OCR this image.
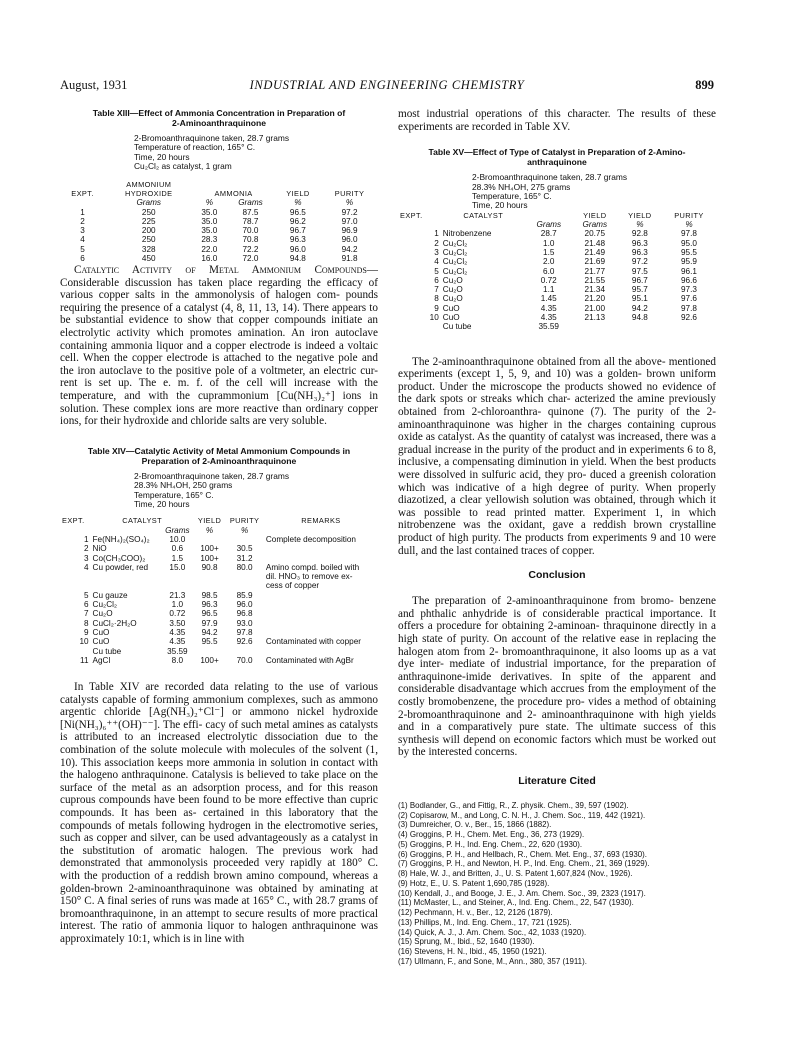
August, 1931	INDUSTRIAL AND ENGINEERING CHEMISTRY	899
Table XIII—Effect of Ammonia Concentration in Preparation of
2-Aminoanthraquinone
2-Bromoanthraquinone taken, 28.7 grams
Temperature of reaction, 165° C.
Time, 20 hours
Cu₂Cl₂ as catalyst, 1 gram
	AMMONIUM				
EXPT.	HYDROXIDE	AMMONIA		YIELD	PURITY
	Grams	%	Grams	%	%
1	250	35.0	87.5	96.5	97.2
2	225	35.0	78.7	96.2	97.0
3	200	35.0	70.0	96.7	96.9
4	250	28.3	70.8	96.3	96.0
5	328	22.0	72.2	96.0	94.2
6	450	16.0	72.0	94.8	91.8
Catalytic Activity of Metal Ammonium Compounds— Considerable discussion has taken place regarding the efficacy of various copper salts in the ammonolysis of halogen com- pounds requiring the presence of a catalyst (4, 8, 11, 13, 14). There appears to be substantial evidence to show that copper compounds initiate an electrolytic activity which promotes amination. An iron autoclave containing ammonia liquor and a copper electrode is indeed a voltaic cell. When the copper electrode is attached to the negative pole and the iron autoclave to the positive pole of a voltmeter, an electric cur- rent is set up. The e. m. f. of the cell will increase with the temperature, and with the cuprammonium [Cu(NH₃)₂⁺] ions in solution. These complex ions are more reactive than ordinary copper ions, for their hydroxide and chloride salts are very soluble.
Table XIV—Catalytic Activity of Metal Ammonium Compounds in
Preparation of 2-Aminoanthraquinone
2-Bromoanthraquinone taken, 28.7 grams
28.3% NH₄OH, 250 grams
Temperature, 165° C.
Time, 20 hours
EXPT.	CATALYST		YIELD	PURITY	REMARKS
		Grams	%	%	
1	Fe(NH₄)₂(SO₄)₂	10.0			Complete decomposition
2	NiO	0.6	100+	30.5	
3	Co(CH₃COO)₂	1.5	100+	31.2	
4	Cu powder, red	15.0	90.8	80.0	Amino compd. boiled with
					dil. HNO₃ to remove ex-
					cess of copper
5	Cu gauze	21.3	98.5	85.9	
6	Cu₂Cl₂	1.0	96.3	96.0	
7	Cu₂O	0.72	96.5	96.8	
8	CuCl₂·2H₂O	3.50	97.9	93.0	
9	CuO	4.35	94.2	97.8	
10	CuO	4.35	95.5	92.6	Contaminated with copper
	Cu tube	35.59			
11	AgCl	8.0	100+	70.0	Contaminated with AgBr
In Table XIV are recorded data relating to the use of various catalysts capable of forming ammonium complexes, such as ammono argentic chloride [Ag(NH₃)₂⁺Cl⁻] or ammono nickel hydroxide [Ni(NH₃)₆⁺⁺(OH)⁻⁻]. The effi- cacy of such metal amines as catalysts is attributed to an increased electrolytic dissociation due to the combination of the solute molecule with molecules of the solvent (1, 10). This association keeps more ammonia in solution in contact with the halogeno anthraquinone. Catalysis is believed to take place on the surface of the metal as an adsorption process, and for this reason cuprous compounds have been found to be more effective than cupric compounds. It has been as- certained in this laboratory that the compounds of metals following hydrogen in the electromotive series, such as copper and silver, can be used advantageously as a catalyst in the substitution of aromatic halogen. The previous work had demonstrated that ammonolysis proceeded very rapidly at 180° C. with the production of a reddish brown amino compound, whereas a golden-brown 2-aminoanthraquinone was obtained by aminating at 150° C. A final series of runs was made at 165° C., with 28.7 grams of bromoanthraquinone, in an attempt to secure results of more practical interest. The ratio of ammonia liquor to halogen anthraquinone was approximately 10:1, which is in line with
most industrial operations of this character. The results of these experiments are recorded in Table XV.
Table XV—Effect of Type of Catalyst in Preparation of 2-Amino-
anthraquinone
2-Bromoanthraquinone taken, 28.7 grams
28.3% NH₄OH, 275 grams
Temperature, 165° C.
Time, 20 hours
EXPT.	CATALYST		YIELD	YIELD	PURITY
		Grams	Grams	%	%
1	Nitrobenzene	28.7	20.75	92.8	97.8
2	Cu₂Cl₂	1.0	21.48	96.3	95.0
3	Cu₂Cl₂	1.5	21.49	96.3	95.5
4	Cu₂Cl₂	2.0	21.69	97.2	95.9
5	Cu₂Cl₂	6.0	21.77	97.5	96.1
6	Cu₂O	0.72	21.55	96.7	96.6
7	Cu₂O	1.1	21.34	95.7	97.3
8	Cu₂O	1.45	21.20	95.1	97.6
9	CuO	4.35	21.00	94.2	97.8
10	CuO	4.35	21.13	94.8	92.6
	Cu tube	35.59			
The 2-aminoanthraquinone obtained from all the above- mentioned experiments (except 1, 5, 9, and 10) was a golden- brown uniform product. Under the microscope the products showed no evidence of the dark spots or streaks which char- acterized the amine previously obtained from 2-chloroanthra- quinone (7). The purity of the 2-aminoanthraquinone was higher in the charges containing cuprous oxide as catalyst. As the quantity of catalyst was increased, there was a gradual increase in the purity of the product and in experiments 6 to 8, inclusive, a compensating diminution in yield. When the best products were dissolved in sulfuric acid, they pro- duced a greenish coloration which was indicative of a high degree of purity. When properly diazotized, a clear yellowish solution was obtained, through which it was possible to read printed matter. Experiment 1, in which nitrobenzene was the oxidant, gave a reddish brown crystalline product of high purity. The products from experiments 9 and 10 were dull, and the last contained traces of copper.
Conclusion
The preparation of 2-aminoanthraquinone from bromo- benzene and phthalic anhydride is of considerable practical importance. It offers a procedure for obtaining 2-aminoan- thraquinone directly in a high state of purity. On account of the relative ease in replacing the halogen atom from 2- bromoanthraquinone, it also looms up as a vat dye inter- mediate of industrial importance, for the preparation of anthraquinone-imide derivatives. In spite of the apparent and considerable disadvantage which accrues from the employment of the costly bromobenzene, the procedure pro- vides a method of obtaining 2-bromoanthraquinone and 2- aminoanthraquinone with high yields and in a comparatively pure state. The ultimate success of this synthesis will depend on economic factors which must be worked out by the interested concerns.
Literature Cited
(1) Bodlander, G., and Fittig, R., Z. physik. Chem., 39, 597 (1902).
(2) Copisarow, M., and Long, C. N. H., J. Chem. Soc., 119, 442 (1921).
(3) Dumreicher, O. v., Ber., 15, 1866 (1882).
(4) Groggins, P. H., Chem. Met. Eng., 36, 273 (1929).
(5) Groggins, P. H., Ind. Eng. Chem., 22, 620 (1930).
(6) Groggins, P. H., and Hellbach, R., Chem. Met. Eng., 37, 693 (1930).
(7) Groggins, P. H., and Newton, H. P., Ind. Eng. Chem., 21, 369 (1929).
(8) Hale, W. J., and Britten, J., U. S. Patent 1,607,824 (Nov., 1926).
(9) Hotz, E., U. S. Patent 1,690,785 (1928).
(10) Kendall, J., and Booge, J. E., J. Am. Chem. Soc., 39, 2323 (1917).
(11) McMaster, L., and Steiner, A., Ind. Eng. Chem., 22, 547 (1930).
(12) Pechmann, H. v., Ber., 12, 2126 (1879).
(13) Phillips, M., Ind. Eng. Chem., 17, 721 (1925).
(14) Quick, A. J., J. Am. Chem. Soc., 42, 1033 (1920).
(15) Sprung, M., Ibid., 52, 1640 (1930).
(16) Stevens, H. N., Ibid., 45, 1950 (1921).
(17) Ullmann, F., and Sone, M., Ann., 380, 357 (1911).
